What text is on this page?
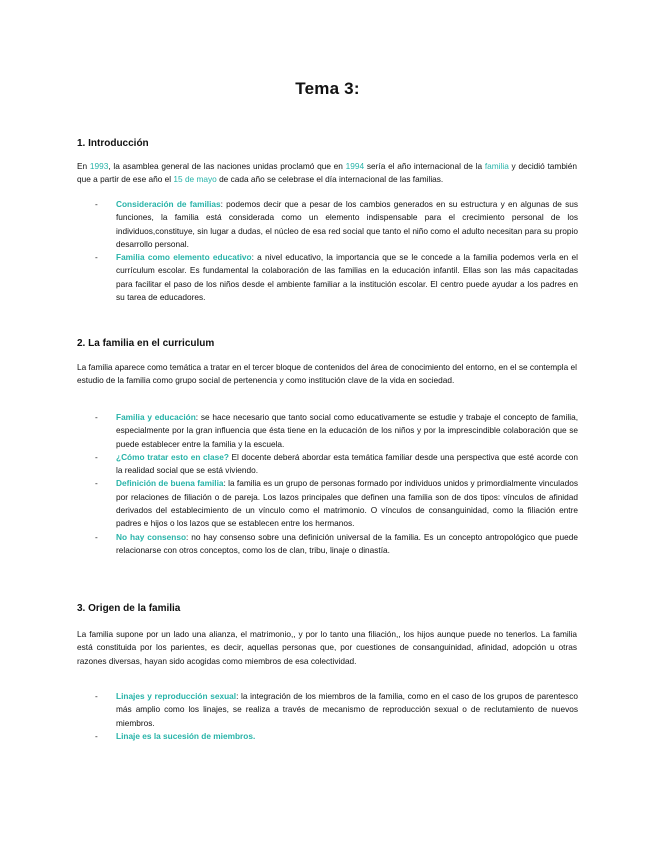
Tema 3:

1. Introducción

En 1993, la asamblea general de las naciones unidas proclamó que en 1994 sería el año internacional de la familia y decidió también que a partir de ese año el 15 de mayo de cada año se celebrase el día internacional de las familias.

- Consideración de familias: podemos decir que a pesar de los cambios generados en su estructura y en algunas de sus funciones, la familia está considerada como un elemento indispensable para el crecimiento personal de los individuos,constituye, sin lugar a dudas, el núcleo de esa red social que tanto el niño como el adulto necesitan para su propio desarrollo personal.
- Familia como elemento educativo: a nivel educativo, la importancia que se le concede a la familia podemos verla en el currículum escolar. Es fundamental la colaboración de las familias en la educación infantil. Ellas son las más capacitadas para facilitar el paso de los niños desde el ambiente familiar a la institución escolar. El centro puede ayudar a los padres en su tarea de educadores.

2. La familia en el curriculum

La familia aparece como temática a tratar en el tercer bloque de contenidos del área de conocimiento del entorno, en el se contempla el estudio de la familia como grupo social de pertenencia y como institución clave de la vida en sociedad.

- Familia y educación: se hace necesario que tanto social como educativamente se estudie y trabaje el concepto de familia, especialmente por la gran influencia que ésta tiene en la educación de los niños y por la imprescindible colaboración que se puede establecer entre la familia y la escuela.
- ¿Cómo tratar esto en clase? El docente deberá abordar esta temática familiar desde una perspectiva que esté acorde con la realidad social que se está viviendo.
- Definición de buena familia: la familia es un grupo de personas formado por individuos unidos y primordialmente vinculados por relaciones de filiación o de pareja. Los lazos principales que definen una familia son de dos tipos: vínculos de afinidad derivados del establecimiento de un vínculo como el matrimonio. O vínculos de consanguinidad, como la filiación entre padres e hijos o los lazos que se establecen entre los hermanos.
- No hay consenso: no hay consenso sobre una definición universal de la familia. Es un concepto antropológico que puede relacionarse con otros conceptos, como los de clan, tribu, linaje o dinastía.

3. Origen de la familia

La familia supone por un lado una alianza, el matrimonio,, y por lo tanto una filiación,, los hijos aunque puede no tenerlos. La familia está constituida por los parientes, es decir, aquellas personas que, por cuestiones de consanguinidad, afinidad, adopción u otras razones diversas, hayan sido acogidas como miembros de esa colectividad.

- Linajes y reproducción sexual: la integración de los miembros de la familia, como en el caso de los grupos de parentesco más amplio como los linajes, se realiza a través de mecanismo de reproducción sexual o de reclutamiento de nuevos miembros.
- Linaje es la sucesión de miembros.
